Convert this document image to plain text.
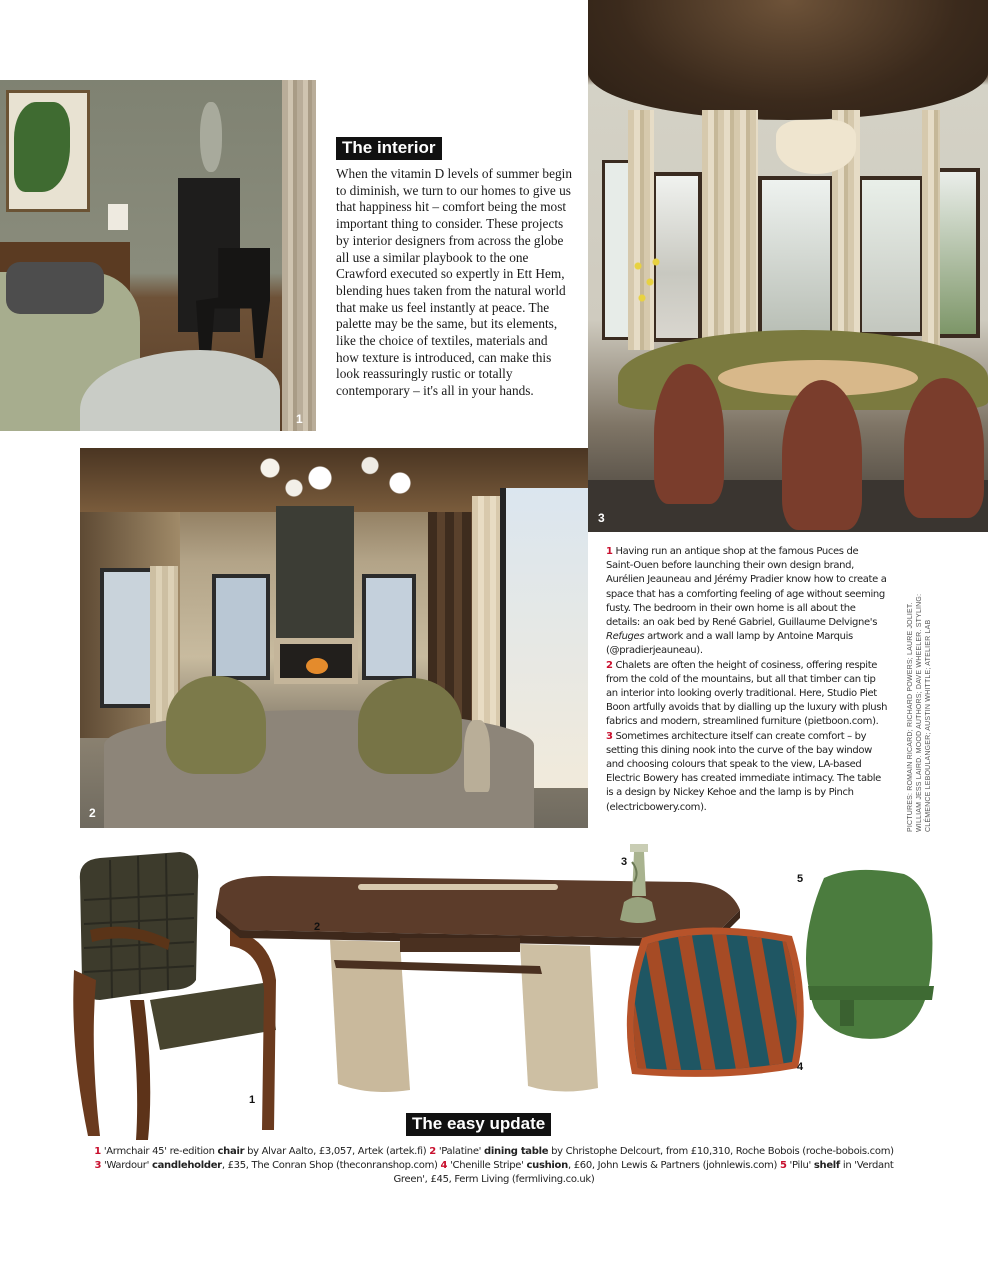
1
The interior
When the vitamin D levels of summer begin to diminish, we turn to our homes to give us that happiness hit – comfort being the most important thing to consider. These projects by interior designers from across the globe all use a similar playbook to the one Crawford executed so expertly in Ett Hem, blending hues taken from the natural world that make us feel instantly at peace. The palette may be the same, but its elements, like the choice of textiles, materials and how texture is introduced, can make this look reassuringly rustic or totally contemporary – it's all in your hands.
3
2
1 Having run an antique shop at the famous Puces de Saint-Ouen before launching their own design brand, Aurélien Jeauneau and Jérémy Pradier know how to create a space that has a comforting feeling of age without seeming fusty. The bedroom in their own home is all about the details: an oak bed by René Gabriel, Guillaume Delvigne's Refuges artwork and a wall lamp by Antoine Marquis (@pradierjeauneau).
2 Chalets are often the height of cosiness, offering respite from the cold of the mountains, but all that timber can tip an interior into looking overly traditional. Here, Studio Piet Boon artfully avoids that by dialling up the luxury with plush fabrics and modern, streamlined furniture (pietboon.com).
3 Sometimes architecture itself can create comfort – by setting this dining nook into the curve of the bay window and choosing colours that speak to the view, LA-based Electric Bowery has created immediate intimacy. The table is a design by Nickey Kehoe and the lamp is by Pinch (electricbowery.com).	PICTURES: ROMAIN RICARD; RICHARD POWERS; LAURE JOLIET. WILLIAM JESS LAIRD. MOOD AUTHORS; DAVE WHEELER. STYLING: CLÉMENCE LEBOULANGER; AUSTIN WHITTLE; ATELIER LAB
1
2
3
4
5
The easy update
1 'Armchair 45' re-edition chair by Alvar Aalto, £3,057, Artek (artek.fi) 2 'Palatine' dining table by Christophe Delcourt, from £10,310, Roche Bobois (roche-bobois.com) 3 'Wardour' candleholder, £35, The Conran Shop (theconranshop.com) 4 'Chenille Stripe' cushion, £60, John Lewis & Partners (johnlewis.com) 5 'Pilu' shelf in 'Verdant Green', £45, Ferm Living (fermliving.co.uk)
